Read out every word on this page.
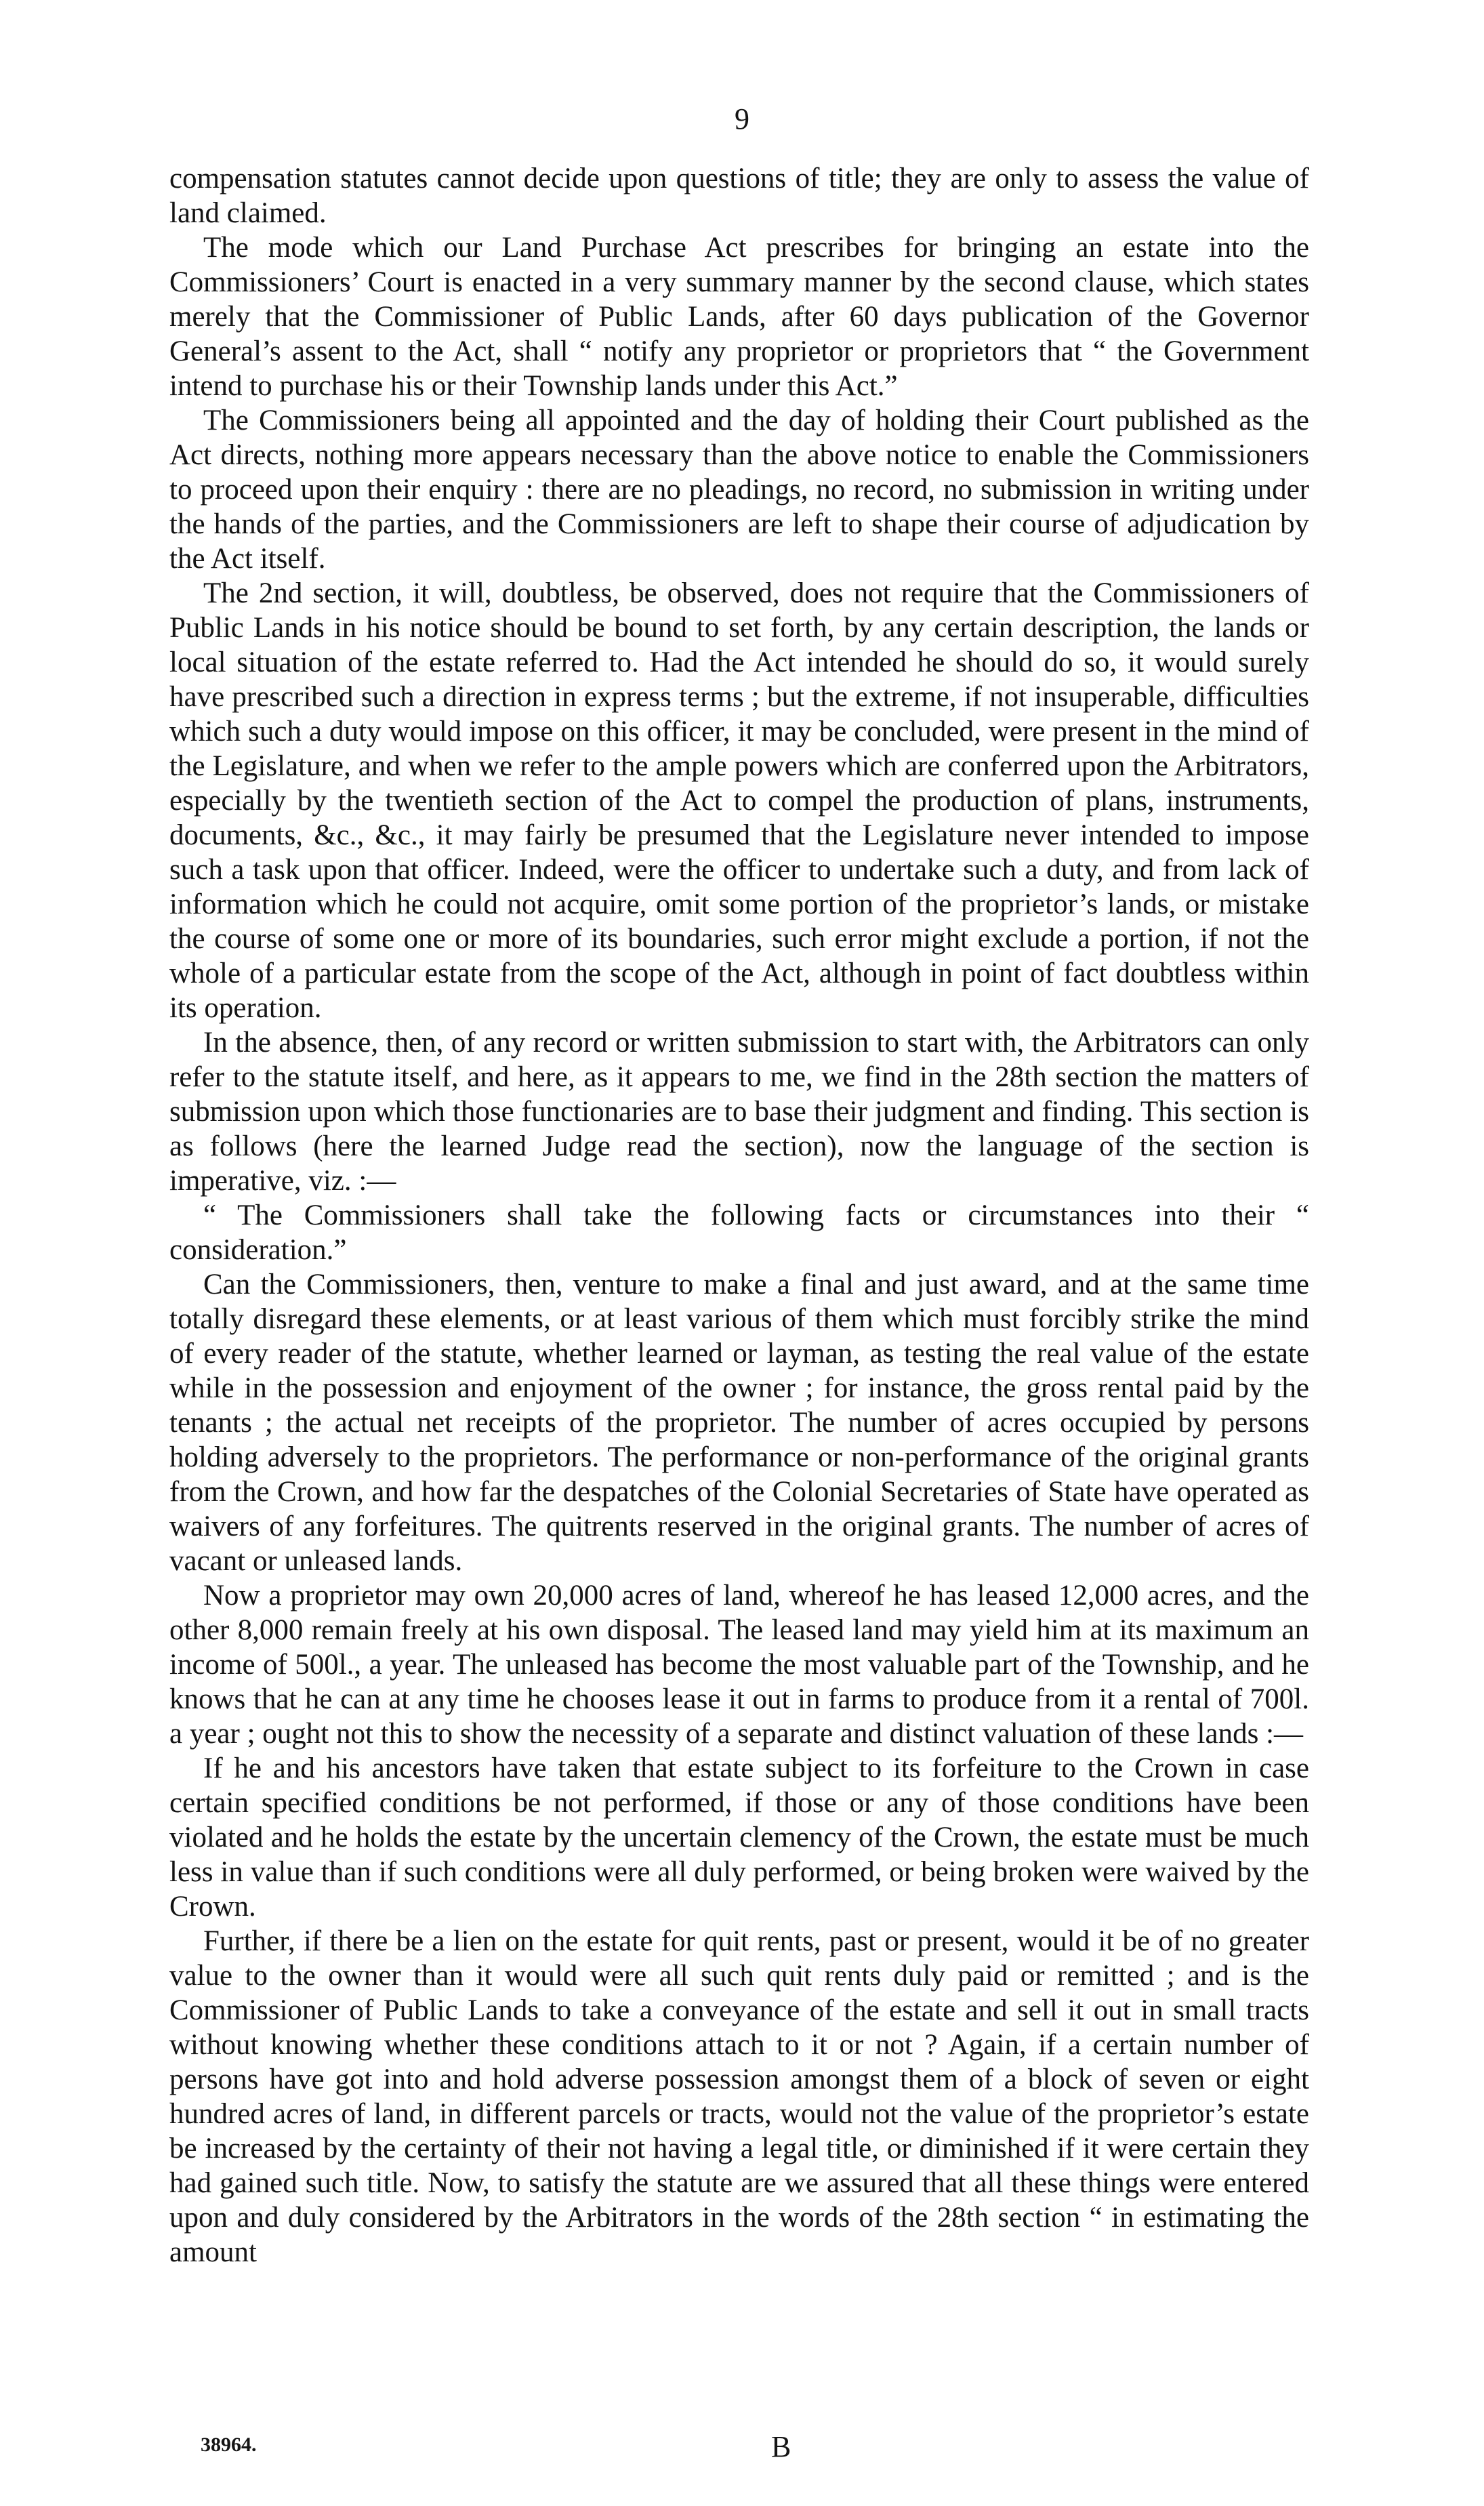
9

compensation statutes cannot decide upon questions of title; they are only to assess the value of land claimed.

The mode which our Land Purchase Act prescribes for bringing an estate into the Commissioners’ Court is enacted in a very summary manner by the second clause, which states merely that the Commissioner of Public Lands, after 60 days publication of the Governor General’s assent to the Act, shall “ notify any proprietor or proprietors that “ the Government intend to purchase his or their Township lands under this Act.”

The Commissioners being all appointed and the day of holding their Court published as the Act directs, nothing more appears necessary than the above notice to enable the Commissioners to proceed upon their enquiry : there are no pleadings, no record, no submission in writing under the hands of the parties, and the Commissioners are left to shape their course of adjudication by the Act itself.

The 2nd section, it will, doubtless, be observed, does not require that the Commissioners of Public Lands in his notice should be bound to set forth, by any certain description, the lands or local situation of the estate referred to. Had the Act intended he should do so, it would surely have prescribed such a direction in express terms ; but the extreme, if not insuperable, difficulties which such a duty would impose on this officer, it may be concluded, were present in the mind of the Legislature, and when we refer to the ample powers which are conferred upon the Arbitrators, especially by the twentieth section of the Act to compel the production of plans, instruments, documents, &c., &c., it may fairly be presumed that the Legislature never intended to impose such a task upon that officer. Indeed, were the officer to undertake such a duty, and from lack of information which he could not acquire, omit some portion of the proprietor’s lands, or mistake the course of some one or more of its boundaries, such error might exclude a portion, if not the whole of a particular estate from the scope of the Act, although in point of fact doubtless within its operation.

In the absence, then, of any record or written submission to start with, the Arbitrators can only refer to the statute itself, and here, as it appears to me, we find in the 28th section the matters of submission upon which those functionaries are to base their judgment and finding. This section is as follows (here the learned Judge read the section), now the language of the section is imperative, viz. :—

“ The Commissioners shall take the following facts or circumstances into their “ consideration.”

Can the Commissioners, then, venture to make a final and just award, and at the same time totally disregard these elements, or at least various of them which must forcibly strike the mind of every reader of the statute, whether learned or layman, as testing the real value of the estate while in the possession and enjoyment of the owner ; for instance, the gross rental paid by the tenants ; the actual net receipts of the proprietor. The number of acres occupied by persons holding adversely to the proprietors. The performance or non-performance of the original grants from the Crown, and how far the despatches of the Colonial Secretaries of State have operated as waivers of any forfeitures. The quitrents reserved in the original grants. The number of acres of vacant or unleased lands.

Now a proprietor may own 20,000 acres of land, whereof he has leased 12,000 acres, and the other 8,000 remain freely at his own disposal. The leased land may yield him at its maximum an income of 500l., a year. The unleased has become the most valuable part of the Township, and he knows that he can at any time he chooses lease it out in farms to produce from it a rental of 700l. a year ; ought not this to show the necessity of a separate and distinct valuation of these lands :—

If he and his ancestors have taken that estate subject to its forfeiture to the Crown in case certain specified conditions be not performed, if those or any of those conditions have been violated and he holds the estate by the uncertain clemency of the Crown, the estate must be much less in value than if such conditions were all duly performed, or being broken were waived by the Crown.

Further, if there be a lien on the estate for quit rents, past or present, would it be of no greater value to the owner than it would were all such quit rents duly paid or remitted ; and is the Commissioner of Public Lands to take a conveyance of the estate and sell it out in small tracts without knowing whether these conditions attach to it or not ? Again, if a certain number of persons have got into and hold adverse possession amongst them of a block of seven or eight hundred acres of land, in different parcels or tracts, would not the value of the proprietor’s estate be increased by the certainty of their not having a legal title, or diminished if it were certain they had gained such title. Now, to satisfy the statute are we assured that all these things were entered upon and duly considered by the Arbitrators in the words of the 28th section “ in estimating the amount

38964.	B
